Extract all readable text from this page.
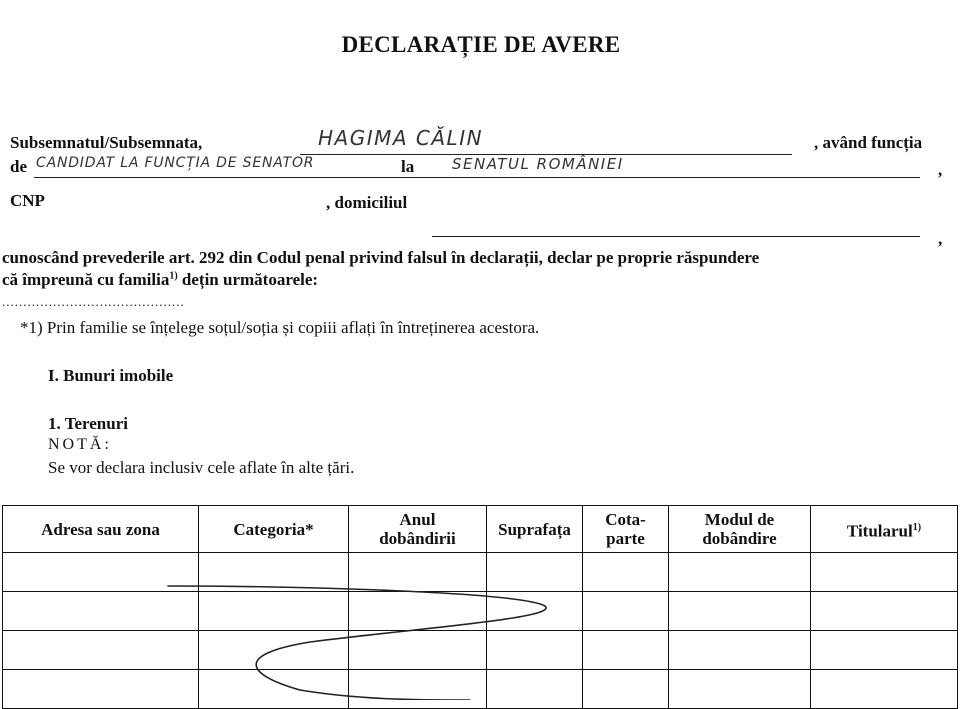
DECLARAȚIE DE AVERE
Subsemnatul/Subsemnata,	HAGIMA CĂLIN	, având funcția
de CANDIDAT LA FUNCȚIA DE SENATOR	la	SENATUL ROMÂNIEI	,
CNP	, domiciliul
,
cunoscând prevederile art. 292 din Codul penal privind falsul în declarații, declar pe proprie răspundere
că împreună cu familia$^{1)}$ dețin următoarele:
...........................................
*1) Prin familie se înțelege soțul/soția și copiii aflați în întreținerea acestora.
I. Bunuri imobile
1. Terenuri
NOTĂ:
Se vor declara inclusiv cele aflate în alte țări.
Adresa sau zona	Categoria*	Anul dobândirii	Suprafața	Cota-parte	Modul de dobândire	Titularul$^{1)}$
